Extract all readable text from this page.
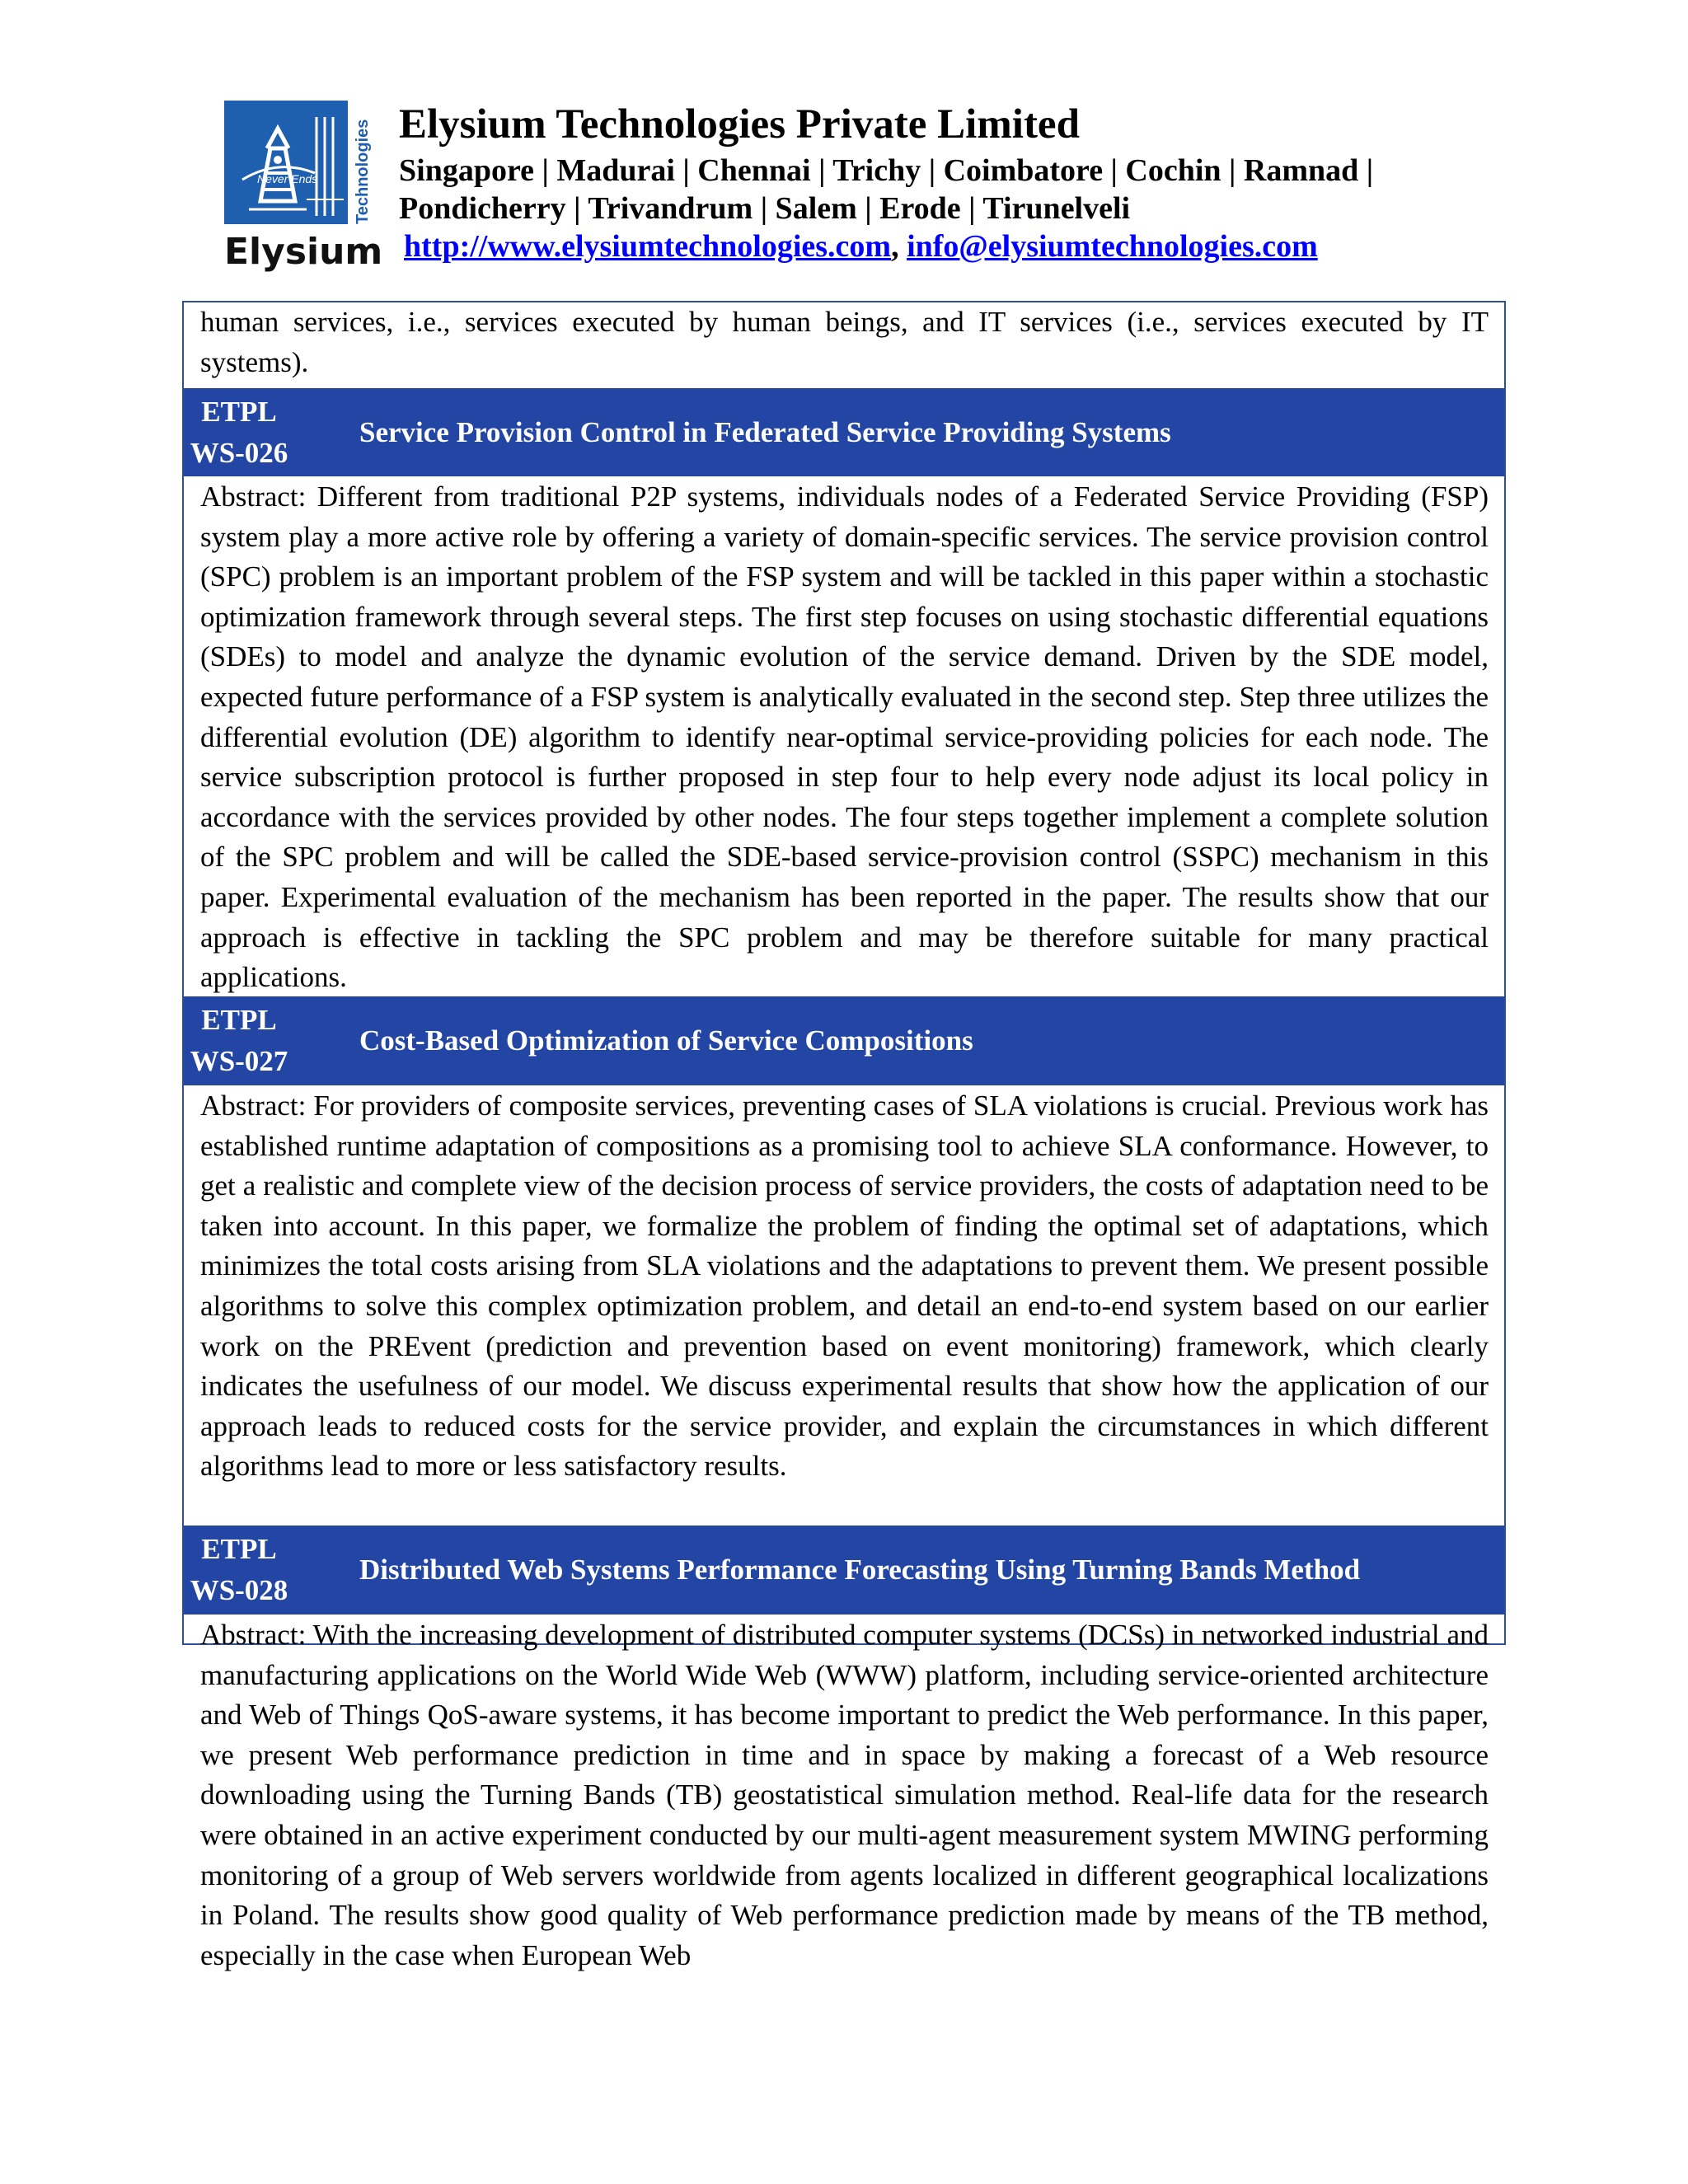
Never Ends Technologies
Elysium
Elysium Technologies Private Limited
Singapore | Madurai | Chennai | Trichy | Coimbatore | Cochin | Ramnad | Pondicherry | Trivandrum | Salem | Erode | Tirunelveli
http://www.elysiumtechnologies.com, info@elysiumtechnologies.com
human services, i.e., services executed by human beings, and IT services (i.e., services executed by IT systems).
ETPL
WS-026
Service Provision Control in Federated Service Providing Systems
Abstract: Different from traditional P2P systems, individuals nodes of a Federated Service Providing (FSP) system play a more active role by offering a variety of domain-specific services. The service provision control (SPC) problem is an important problem of the FSP system and will be tackled in this paper within a stochastic optimization framework through several steps. The first step focuses on using stochastic differential equations (SDEs) to model and analyze the dynamic evolution of the service demand. Driven by the SDE model, expected future performance of a FSP system is analytically evaluated in the second step. Step three utilizes the differential evolution (DE) algorithm to identify near-optimal service-providing policies for each node. The service subscription protocol is further proposed in step four to help every node adjust its local policy in accordance with the services provided by other nodes. The four steps together implement a complete solution of the SPC problem and will be called the SDE-based service-provision control (SSPC) mechanism in this paper. Experimental evaluation of the mechanism has been reported in the paper. The results show that our approach is effective in tackling the SPC problem and may be therefore suitable for many practical applications.
ETPL
WS-027
Cost-Based Optimization of Service Compositions
Abstract: For providers of composite services, preventing cases of SLA violations is crucial. Previous work has established runtime adaptation of compositions as a promising tool to achieve SLA conformance. However, to get a realistic and complete view of the decision process of service providers, the costs of adaptation need to be taken into account. In this paper, we formalize the problem of finding the optimal set of adaptations, which minimizes the total costs arising from SLA violations and the adaptations to prevent them. We present possible algorithms to solve this complex optimization problem, and detail an end-to-end system based on our earlier work on the PREvent (prediction and prevention based on event monitoring) framework, which clearly indicates the usefulness of our model. We discuss experimental results that show how the application of our approach leads to reduced costs for the service provider, and explain the circumstances in which different algorithms lead to more or less satisfactory results.
ETPL
WS-028
Distributed Web Systems Performance Forecasting Using Turning Bands Method
Abstract: With the increasing development of distributed computer systems (DCSs) in networked industrial and manufacturing applications on the World Wide Web (WWW) platform, including service-oriented architecture and Web of Things QoS-aware systems, it has become important to predict the Web performance. In this paper, we present Web performance prediction in time and in space by making a forecast of a Web resource downloading using the Turning Bands (TB) geostatistical simulation method. Real-life data for the research were obtained in an active experiment conducted by our multi-agent measurement system MWING performing monitoring of a group of Web servers worldwide from agents localized in different geographical localizations in Poland. The results show good quality of Web performance prediction made by means of the TB method, especially in the case when European Web
